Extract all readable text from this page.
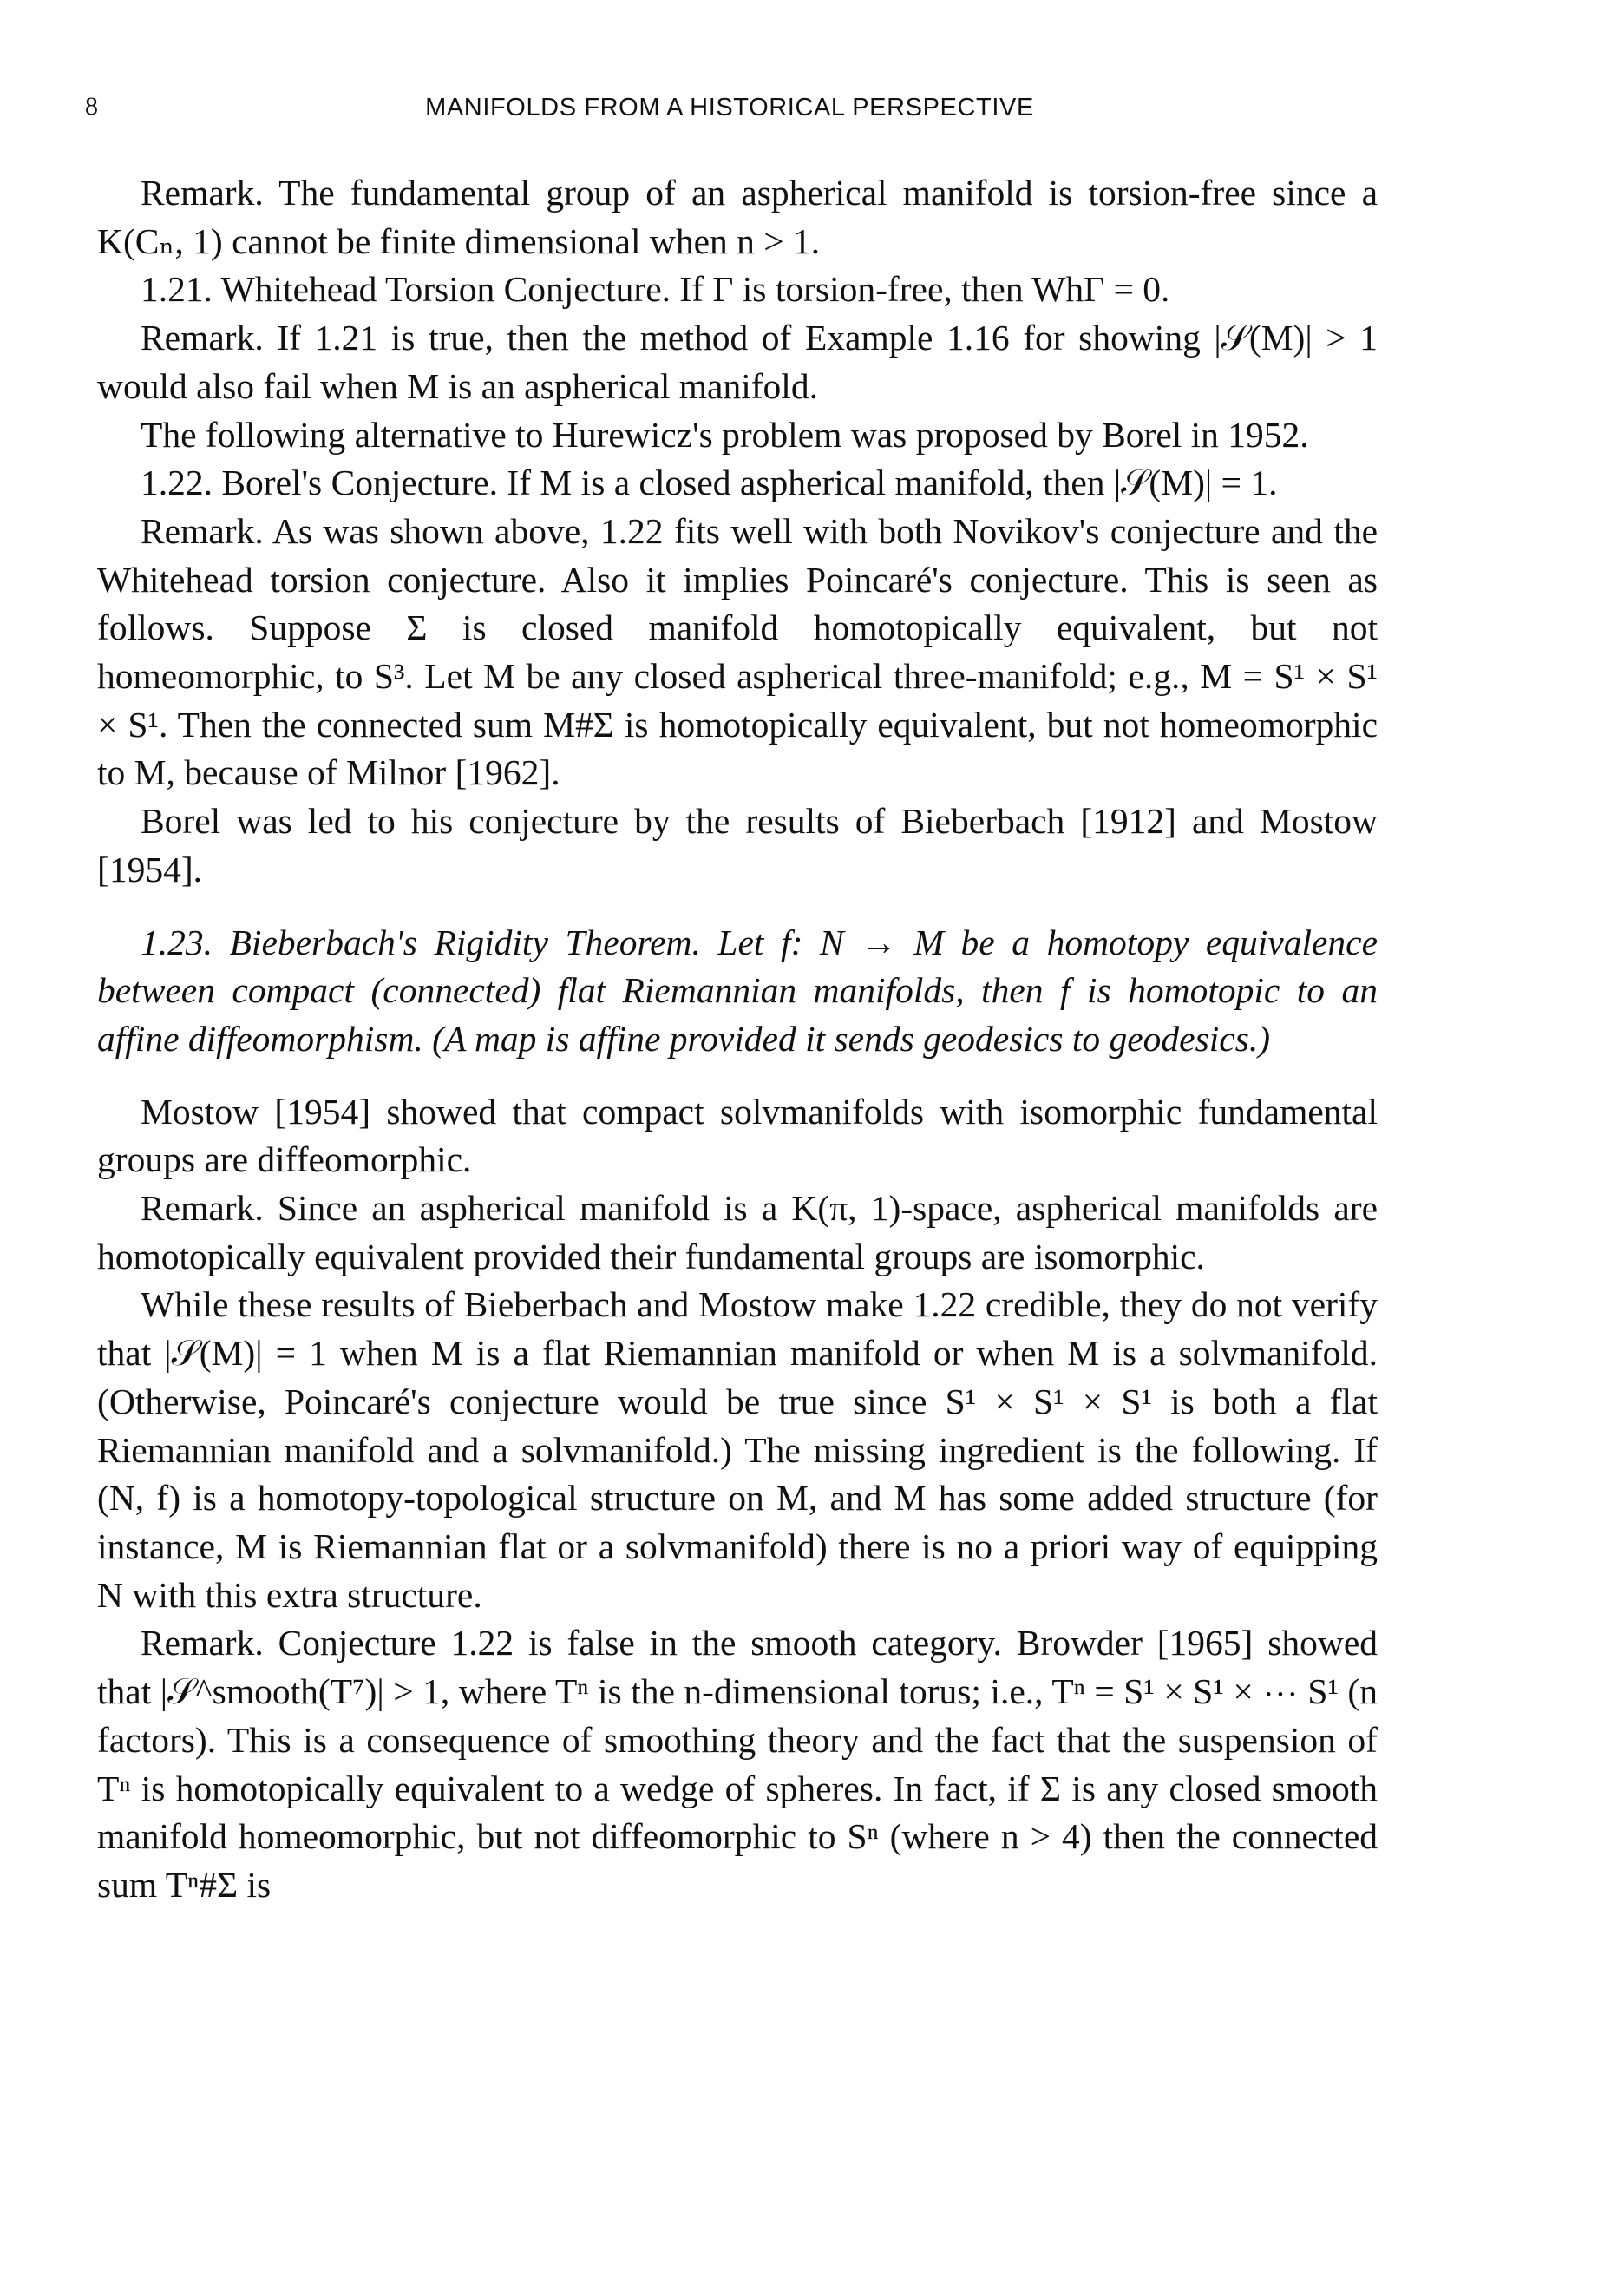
8	MANIFOLDS FROM A HISTORICAL PERSPECTIVE

Remark. The fundamental group of an aspherical manifold is torsion-free since a K(Cₙ, 1) cannot be finite dimensional when n > 1.

1.21. Whitehead Torsion Conjecture. If Γ is torsion-free, then WhΓ = 0.

Remark. If 1.21 is true, then the method of Example 1.16 for showing |𝒮(M)| > 1 would also fail when M is an aspherical manifold.

The following alternative to Hurewicz's problem was proposed by Borel in 1952.

1.22. Borel's Conjecture. If M is a closed aspherical manifold, then |𝒮(M)| = 1.

Remark. As was shown above, 1.22 fits well with both Novikov's conjecture and the Whitehead torsion conjecture. Also it implies Poincaré's conjecture. This is seen as follows. Suppose Σ is closed manifold homotopically equivalent, but not homeomorphic, to S³. Let M be any closed aspherical three-manifold; e.g., M = S¹ × S¹ × S¹. Then the connected sum M#Σ is homotopically equivalent, but not homeomorphic to M, because of Milnor [1962].

Borel was led to his conjecture by the results of Bieberbach [1912] and Mostow [1954].

1.23. Bieberbach's Rigidity Theorem. Let f: N → M be a homotopy equivalence between compact (connected) flat Riemannian manifolds, then f is homotopic to an affine diffeomorphism. (A map is affine provided it sends geodesics to geodesics.)

Mostow [1954] showed that compact solvmanifolds with isomorphic fundamental groups are diffeomorphic.

Remark. Since an aspherical manifold is a K(π, 1)-space, aspherical manifolds are homotopically equivalent provided their fundamental groups are isomorphic.

While these results of Bieberbach and Mostow make 1.22 credible, they do not verify that |𝒮(M)| = 1 when M is a flat Riemannian manifold or when M is a solvmanifold. (Otherwise, Poincaré's conjecture would be true since S¹ × S¹ × S¹ is both a flat Riemannian manifold and a solvmanifold.) The missing ingredient is the following. If (N, f) is a homotopy-topological structure on M, and M has some added structure (for instance, M is Riemannian flat or a solvmanifold) there is no a priori way of equipping N with this extra structure.

Remark. Conjecture 1.22 is false in the smooth category. Browder [1965] showed that |𝒮^smooth(T⁷)| > 1, where Tⁿ is the n-dimensional torus; i.e., Tⁿ = S¹ × S¹ × ⋯ S¹ (n factors). This is a consequence of smoothing theory and the fact that the suspension of Tⁿ is homotopically equivalent to a wedge of spheres. In fact, if Σ is any closed smooth manifold homeomorphic, but not diffeomorphic to Sⁿ (where n > 4) then the connected sum Tⁿ#Σ is
